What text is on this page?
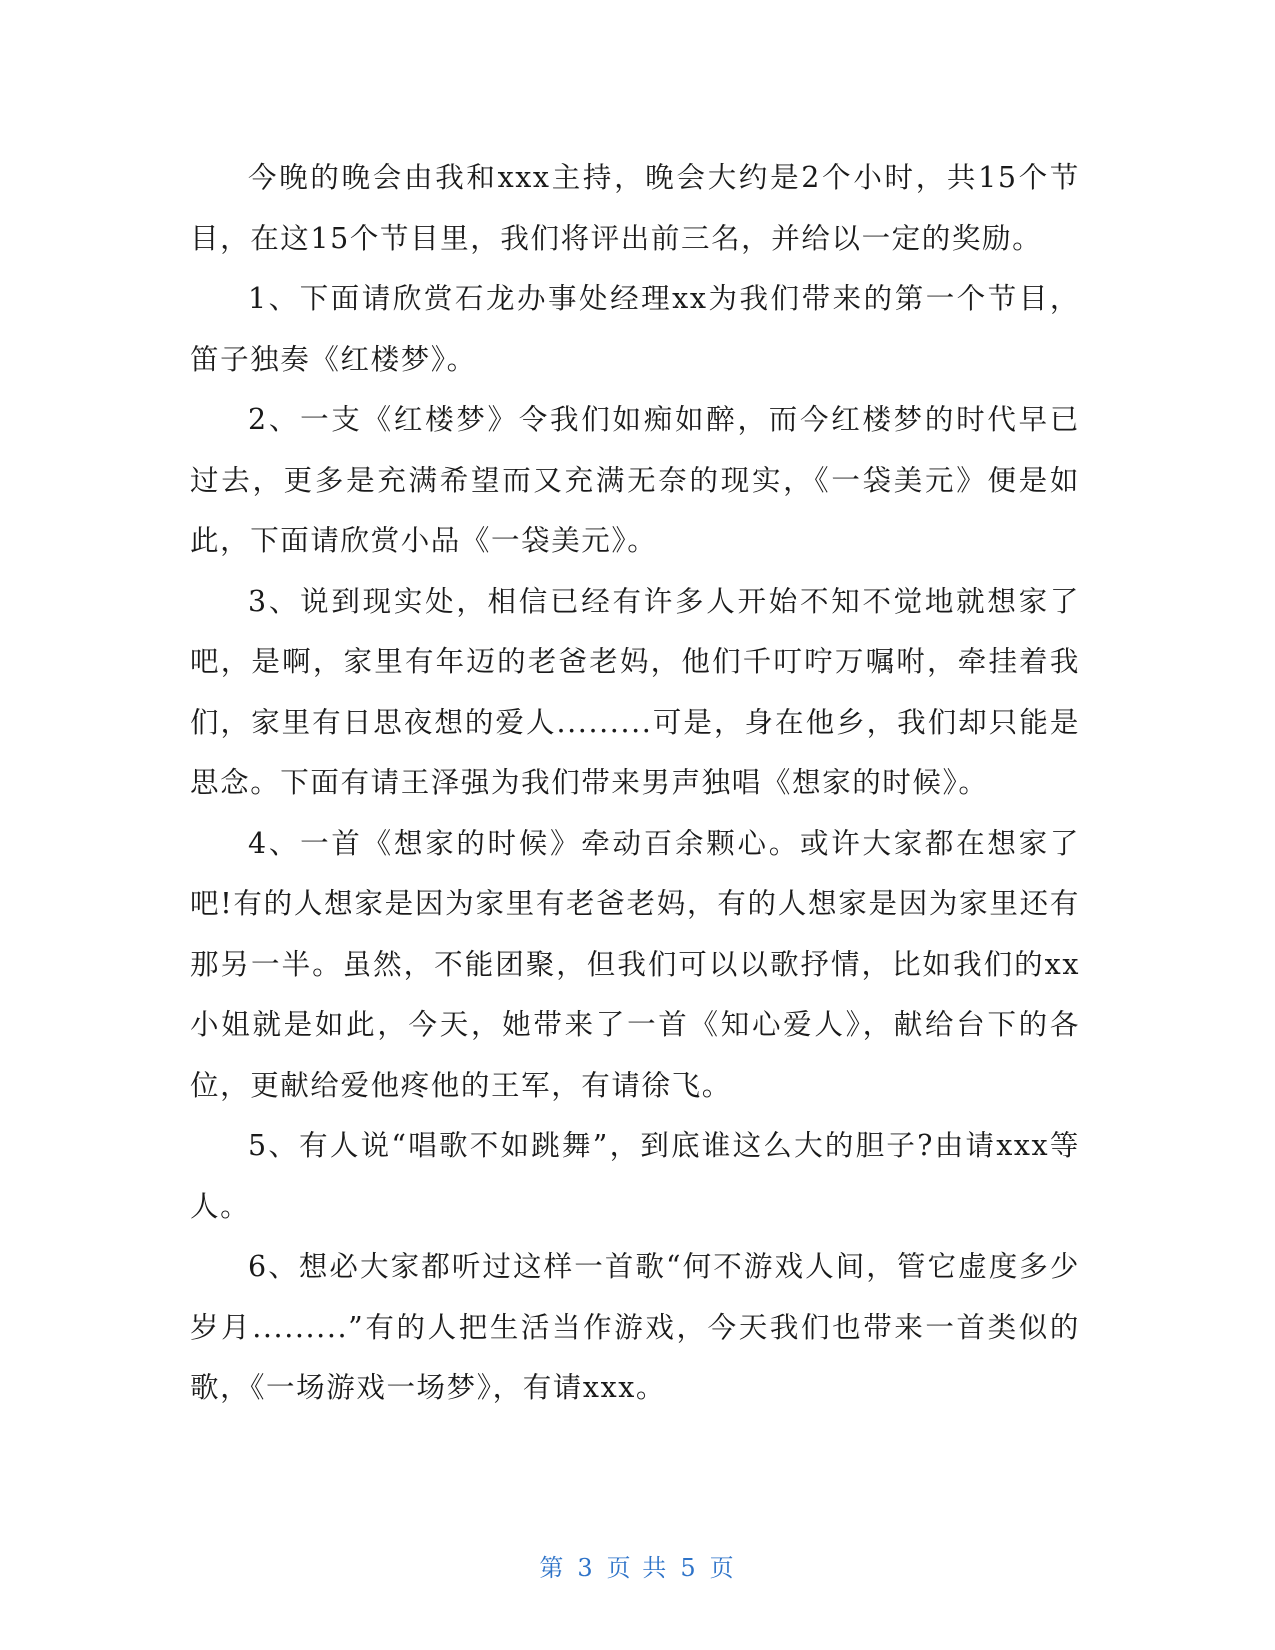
今晚的晚会由我和xxx主持，晚会大约是2个小时，共15个节目，在这15个节目里，我们将评出前三名，并给以一定的奖励。

1、下面请欣赏石龙办事处经理xx为我们带来的第一个节目，笛子独奏《红楼梦》。

2、一支《红楼梦》令我们如痴如醉，而今红楼梦的时代早已过去，更多是充满希望而又充满无奈的现实，《一袋美元》便是如此，下面请欣赏小品《一袋美元》。

3、说到现实处，相信已经有许多人开始不知不觉地就想家了吧，是啊，家里有年迈的老爸老妈，他们千叮咛万嘱咐，牵挂着我们，家里有日思夜想的爱人.........可是，身在他乡，我们却只能是思念。下面有请王泽强为我们带来男声独唱《想家的时候》。

4、一首《想家的时候》牵动百余颗心。或许大家都在想家了吧!有的人想家是因为家里有老爸老妈，有的人想家是因为家里还有那另一半。虽然，不能团聚，但我们可以以歌抒情，比如我们的xx小姐就是如此，今天，她带来了一首《知心爱人》，献给台下的各位，更献给爱他疼他的王军，有请徐飞。

5、有人说“唱歌不如跳舞”，到底谁这么大的胆子?由请xxx等人。

6、想必大家都听过这样一首歌“何不游戏人间，管它虚度多少岁月.........”有的人把生活当作游戏，今天我们也带来一首类似的歌，《一场游戏一场梦》，有请xxx。

第 3 页 共 5 页
